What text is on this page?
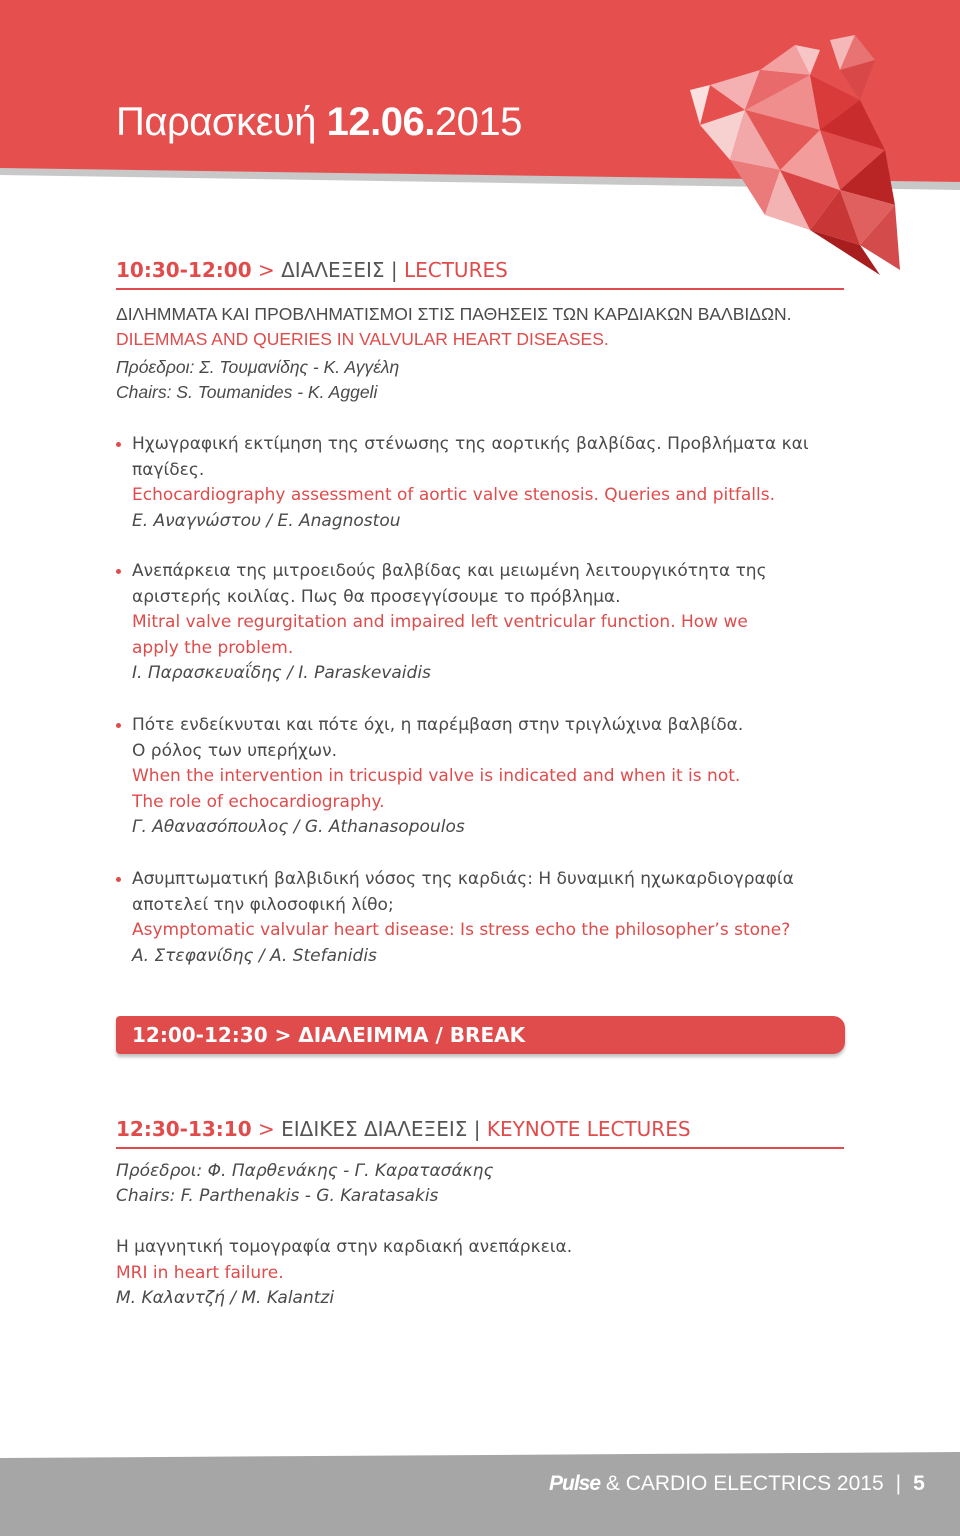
Παρασκευή 12.06.2015
10:30-12:00 > ΔΙΑΛΕΞΕΙΣ | LECTURES
ΔΙΛΗΜΜΑΤΑ ΚΑΙ ΠΡΟΒΛΗΜΑΤΙΣΜΟΙ ΣΤΙΣ ΠΑΘΗΣΕΙΣ ΤΩΝ ΚΑΡΔΙΑΚΩΝ ΒΑΛΒΙΔΩΝ.
DILEMMAS AND QUERIES IN VALVULAR HEART DISEASES.
Πρόεδροι: Σ. Τουμανίδης - Κ. Αγγέλη
Chairs: S. Toumanides - K. Aggeli
Ηχωγραφική εκτίμηση της στένωσης της αορτικής βαλβίδας. Προβλήματα και
παγίδες.
Echocardiography assessment of aortic valve stenosis. Queries and pitfalls.
Ε. Αναγνώστου / E. Anagnostou
Ανεπάρκεια της μιτροειδούς βαλβίδας και μειωμένη λειτουργικότητα της
αριστερής κοιλίας. Πως θα προσεγγίσουμε το πρόβλημα.
Mitral valve regurgitation and impaired left ventricular function. How we
apply the problem.
Ι. Παρασκευαΐδης / I. Paraskevaidis
Πότε ενδείκνυται και πότε όχι, η παρέμβαση στην τριγλώχινα βαλβίδα.
Ο ρόλος των υπερήχων.
When the intervention in tricuspid valve is indicated and when it is not.
The role of echocardiography.
Γ. Αθανασόπουλος / G. Athanasopoulos
Ασυμπτωματική βαλβιδική νόσος της καρδιάς: Η δυναμική ηχωκαρδιογραφία
αποτελεί την φιλοσοφική λίθο;
Asymptomatic valvular heart disease: Is stress echo the philosopher’s stone?
Α. Στεφανίδης / A. Stefanidis
12:00-12:30 > ΔΙΑΛΕΙΜΜΑ / BREAK
12:30-13:10 > ΕΙΔΙΚΕΣ ΔΙΑΛΕΞΕΙΣ | KEYNOTE LECTURES
Πρόεδροι: Φ. Παρθενάκης - Γ. Καρατασάκης
Chairs: F. Parthenakis - G. Karatasakis
Η μαγνητική τομογραφία στην καρδιακή ανεπάρκεια.
MRI in heart failure.
Μ. Καλαντζή / M. Kalantzi
Pulse & CARDIO ELECTRICS 2015 | 5
